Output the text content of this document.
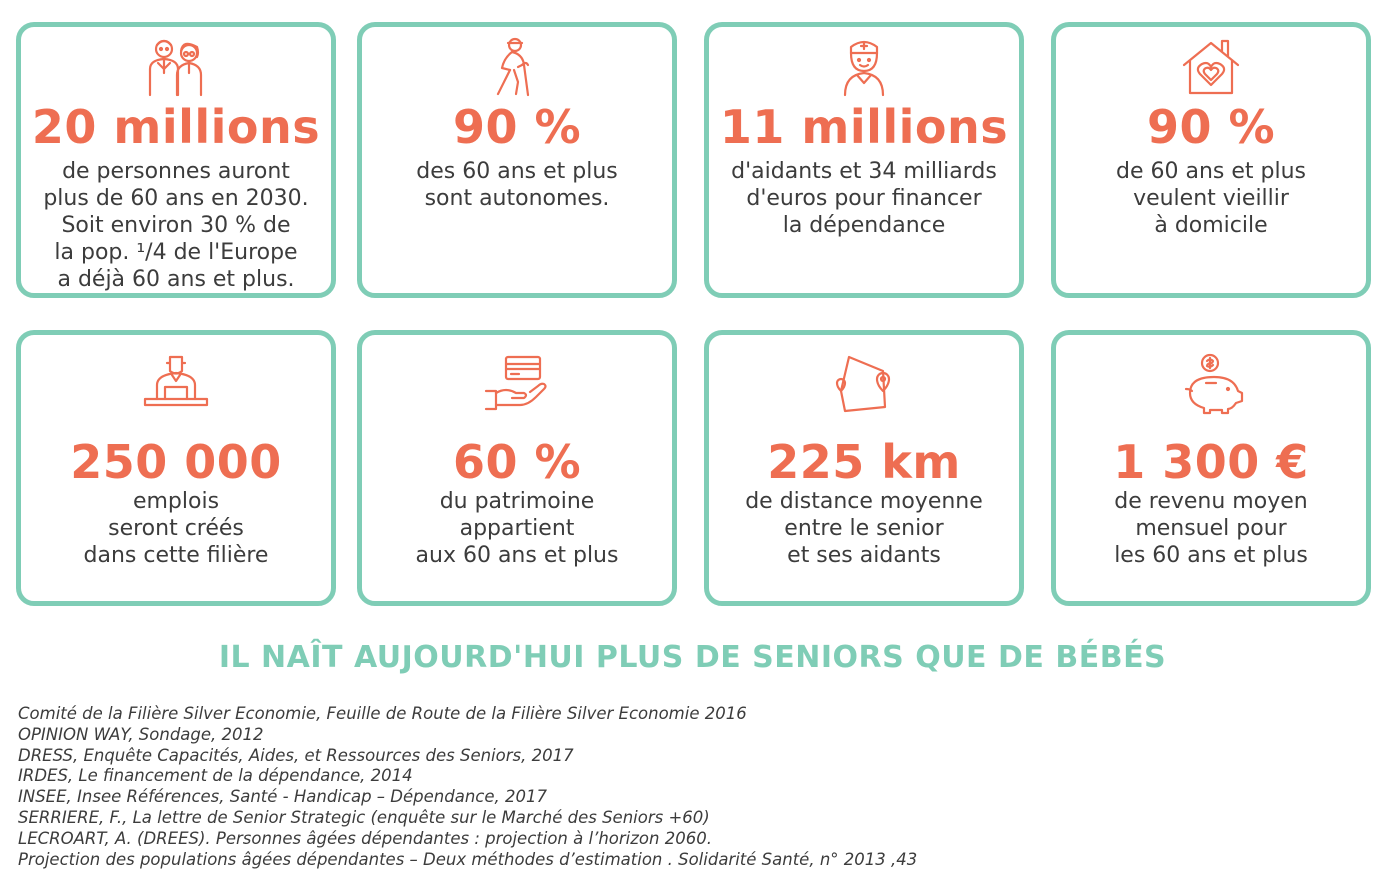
20 millions
de personnes auront
plus de 60 ans en 2030.
Soit environ 30 % de
la pop. ¹/4 de l'Europe
a déjà 60 ans et plus.
90 %
des 60 ans et plus
sont autonomes.
11 millions
d'aidants et 34 milliards
d'euros pour financer
la dépendance
90 %
de 60 ans et plus
veulent vieillir
à domicile
250 000
emplois
seront créés
dans cette filière
60 %
du patrimoine
appartient
aux 60 ans et plus
225 km
de distance moyenne
entre le senior
et ses aidants
1 300 €
de revenu moyen
mensuel pour
les 60 ans et plus
IL NAÎT AUJOURD'HUI PLUS DE SENIORS QUE DE BÉBÉS
Comité de la Filière Silver Economie, Feuille de Route de la Filière Silver Economie 2016
OPINION WAY, Sondage, 2012
DRESS, Enquête Capacités, Aides, et Ressources des Seniors, 2017
IRDES, Le financement de la dépendance, 2014
INSEE, Insee Références, Santé - Handicap – Dépendance, 2017
SERRIERE, F., La lettre de Senior Strategic (enquête sur le Marché des Seniors +60)
LECROART, A. (DREES). Personnes âgées dépendantes : projection à l’horizon 2060.
Projection des populations âgées dépendantes – Deux méthodes d’estimation . Solidarité Santé, n° 2013 ,43
